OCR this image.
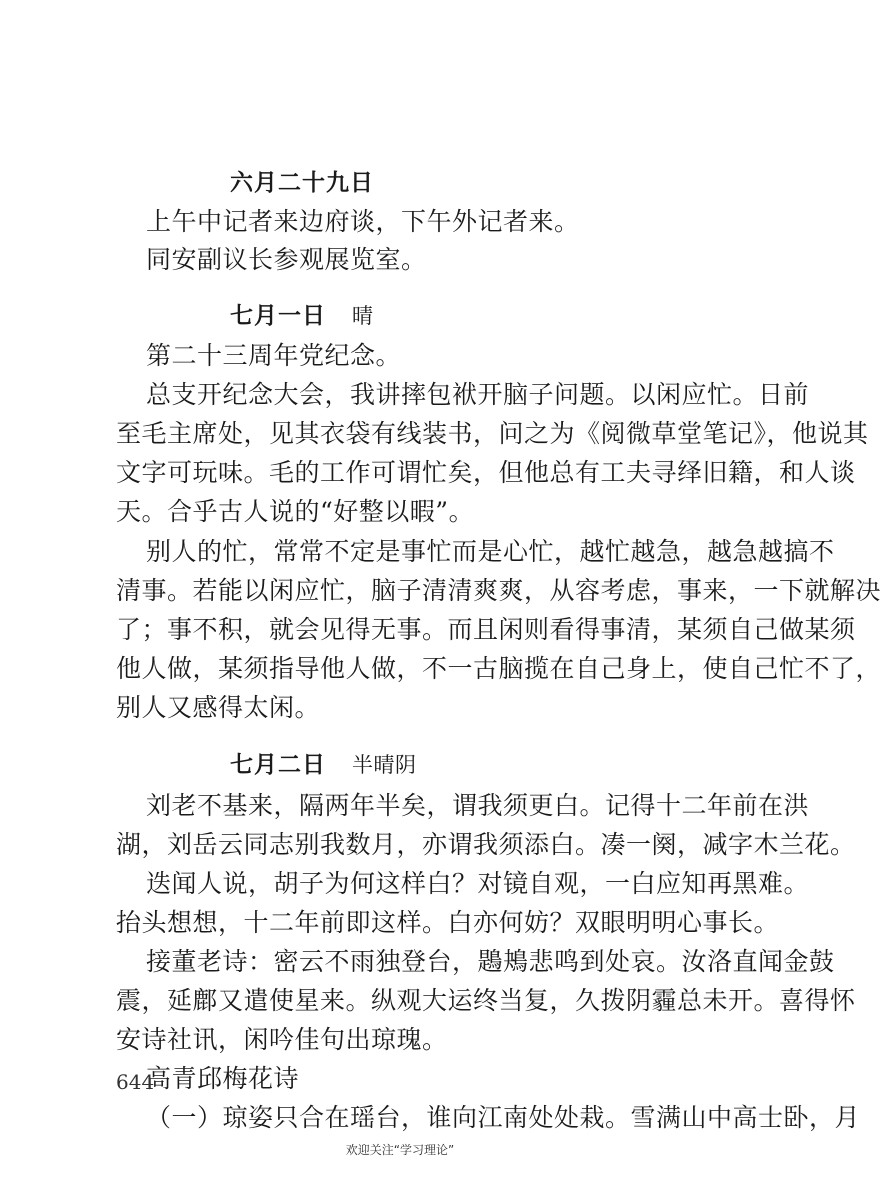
六月二十九日
上午中记者来边府谈，下午外记者来。
同安副议长参观展览室。
七月一日 晴
第二十三周年党纪念。
总支开纪念大会，我讲摔包袱开脑子问题。以闲应忙。日前
至毛主席处，见其衣袋有线装书，问之为《阅微草堂笔记》，他说其
文字可玩味。毛的工作可谓忙矣，但他总有工夫寻绎旧籍，和人谈
天。合乎古人说的“好整以暇”。
别人的忙，常常不定是事忙而是心忙，越忙越急，越急越搞不
清事。若能以闲应忙，脑子清清爽爽，从容考虑，事来，一下就解决
了；事不积，就会见得无事。而且闲则看得事清，某须自己做某须
他人做，某须指导他人做，不一古脑揽在自己身上，使自己忙不了，
别人又感得太闲。
七月二日 半晴阴
刘老不基来，隔两年半矣，谓我须更白。记得十二年前在洪
湖，刘岳云同志别我数月，亦谓我须添白。凑一阕，减字木兰花。
迭闻人说，胡子为何这样白？对镜自观，一白应知再黑难。
抬头想想，十二年前即这样。白亦何妨？双眼明明心事长。
接董老诗：密云不雨独登台，鶗鴂悲鸣到处哀。汝洛直闻金鼓
震，延鄜又遣使星来。纵观大运终当复，久拨阴霾总未开。喜得怀
安诗社讯，闲吟佳句出琼瑰。
高青邱梅花诗
（一）琼姿只合在瑶台，谁向江南处处栽。雪满山中高士卧，月
644
欢迎关注“学习理论”
